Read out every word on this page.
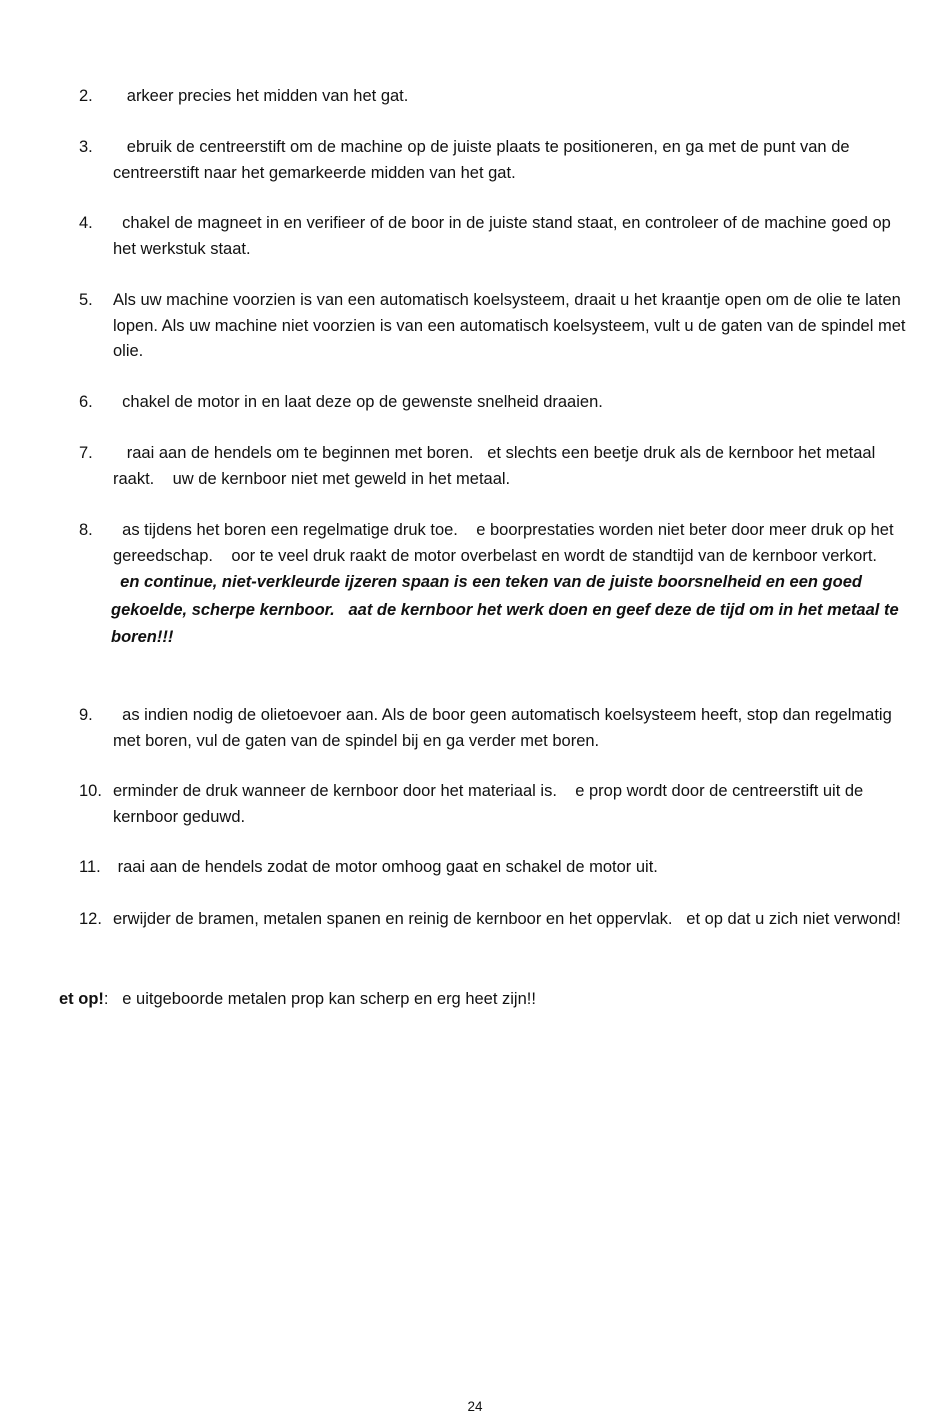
2. arkeer precies het midden van het gat.
3. ebruik de centreerstift om de machine op de juiste plaats te positioneren, en ga met de punt van de centreerstift naar het gemarkeerde midden van het gat.
4. chakel de magneet in en verifieer of de boor in de juiste stand staat, en controleer of de machine goed op het werkstuk staat.
5. Als uw machine voorzien is van een automatisch koelsysteem, draait u het kraantje open om de olie te laten lopen. Als uw machine niet voorzien is van een automatisch koelsysteem, vult u de gaten van de spindel met olie.
6. chakel de motor in en laat deze op de gewenste snelheid draaien.
7. raai aan de hendels om te beginnen met boren.   et slechts een beetje druk als de kernboor het metaal raakt.    uw de kernboor niet met geweld in het metaal.
8. as tijdens het boren een regelmatige druk toe.    e boorprestaties worden niet beter door meer druk op het gereedschap.    oor te veel druk raakt de motor overbelast en wordt de standtijd van de kernboor verkort.
en continue, niet-verkleurde ijzeren spaan is een teken van de juiste boorsnelheid en een goed gekoelde, scherpe kernboor.   aat de kernboor het werk doen en geef deze de tijd om in het metaal te boren!!!
9. as indien nodig de olietoevoer aan. Als de boor geen automatisch koelsysteem heeft, stop dan regelmatig met boren, vul de gaten van de spindel bij en ga verder met boren.
10. erminder de druk wanneer de kernboor door het materiaal is.    e prop wordt door de centreerstift uit de kernboor geduwd.
11. raai aan de hendels zodat de motor omhoog gaat en schakel de motor uit.
12. erwijder de bramen, metalen spanen en reinig de kernboor en het oppervlak.   et op dat u zich niet verwond!
et op!:   e uitgeboorde metalen prop kan scherp en erg heet zijn!!
24
